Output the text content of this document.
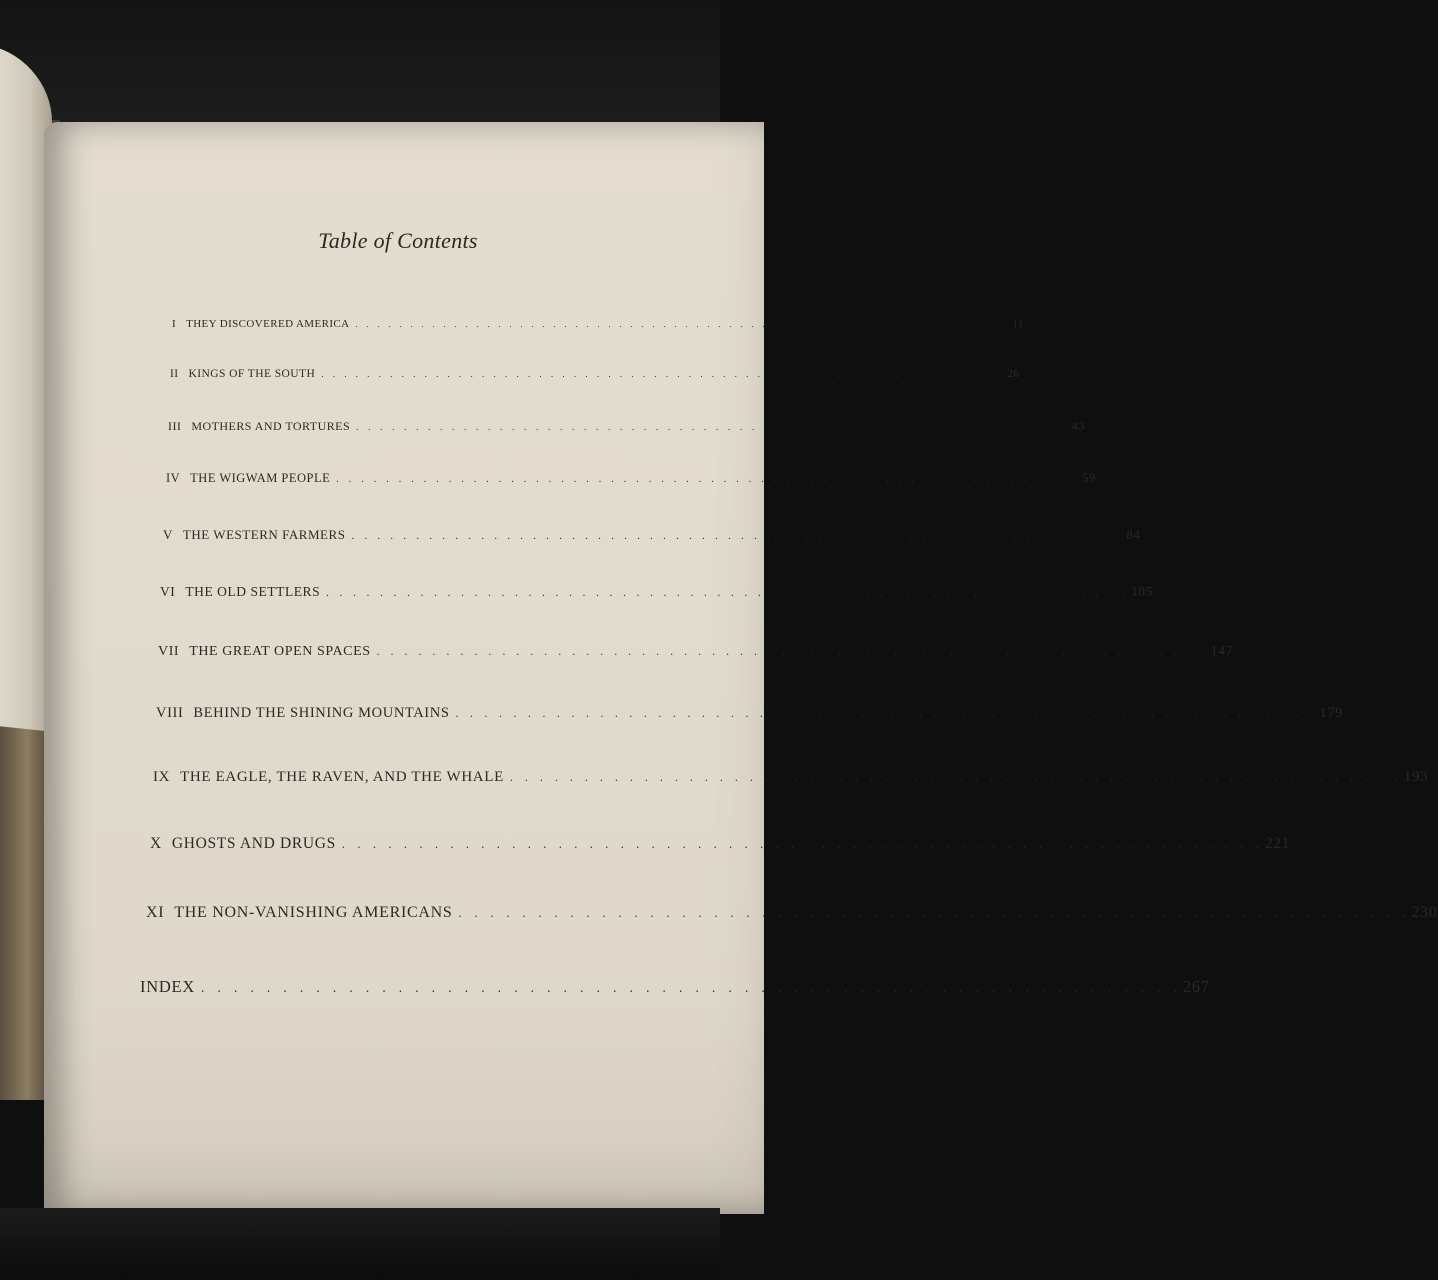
Table of Contents
I THEY DISCOVERED AMERICA . . . . . . . . . . . . . . . . . . . . . . . . . . . . . . . . . . . . . . . . . . . . . . . . . . . . . . . . . . . . 11
II KINGS OF THE SOUTH . . . . . . . . . . . . . . . . . . . . . . . . . . . . . . . . . . . . . . . . . . . . . . . . . . . . . . . . . . . . 26
III MOTHERS AND TORTURES . . . . . . . . . . . . . . . . . . . . . . . . . . . . . . . . . . . . . . . . . . . . . . . . . . . . . . . . . . . . 43
IV THE WIGWAM PEOPLE . . . . . . . . . . . . . . . . . . . . . . . . . . . . . . . . . . . . . . . . . . . . . . . . . . . . . . . . . . . . 59
V THE WESTERN FARMERS . . . . . . . . . . . . . . . . . . . . . . . . . . . . . . . . . . . . . . . . . . . . . . . . . . . . . . . . . . . . 84
VI THE OLD SETTLERS . . . . . . . . . . . . . . . . . . . . . . . . . . . . . . . . . . . . . . . . . . . . . . . . . . . . . . . . . . . . 105
VII THE GREAT OPEN SPACES . . . . . . . . . . . . . . . . . . . . . . . . . . . . . . . . . . . . . . . . . . . . . . . . . . . . . . . . . . . . 147
VIII BEHIND THE SHINING MOUNTAINS . . . . . . . . . . . . . . . . . . . . . . . . . . . . . . . . . . . . . . . . . . . . . . . . . . . . . . . . . . . . 179
IX THE EAGLE, THE RAVEN, AND THE WHALE . . . . . . . . . . . . . . . . . . . . . . . . . . . . . . . . . . . . . . . . . . . . . . . . . . . . . . . . . . . . 193
X GHOSTS AND DRUGS . . . . . . . . . . . . . . . . . . . . . . . . . . . . . . . . . . . . . . . . . . . . . . . . . . . . . . . . . . . . 221
XI THE NON-VANISHING AMERICANS . . . . . . . . . . . . . . . . . . . . . . . . . . . . . . . . . . . . . . . . . . . . . . . . . . . . . . . . . . . . 230
INDEX . . . . . . . . . . . . . . . . . . . . . . . . . . . . . . . . . . . . . . . . . . . . . . . . . . . . . . . . . . . . 267
